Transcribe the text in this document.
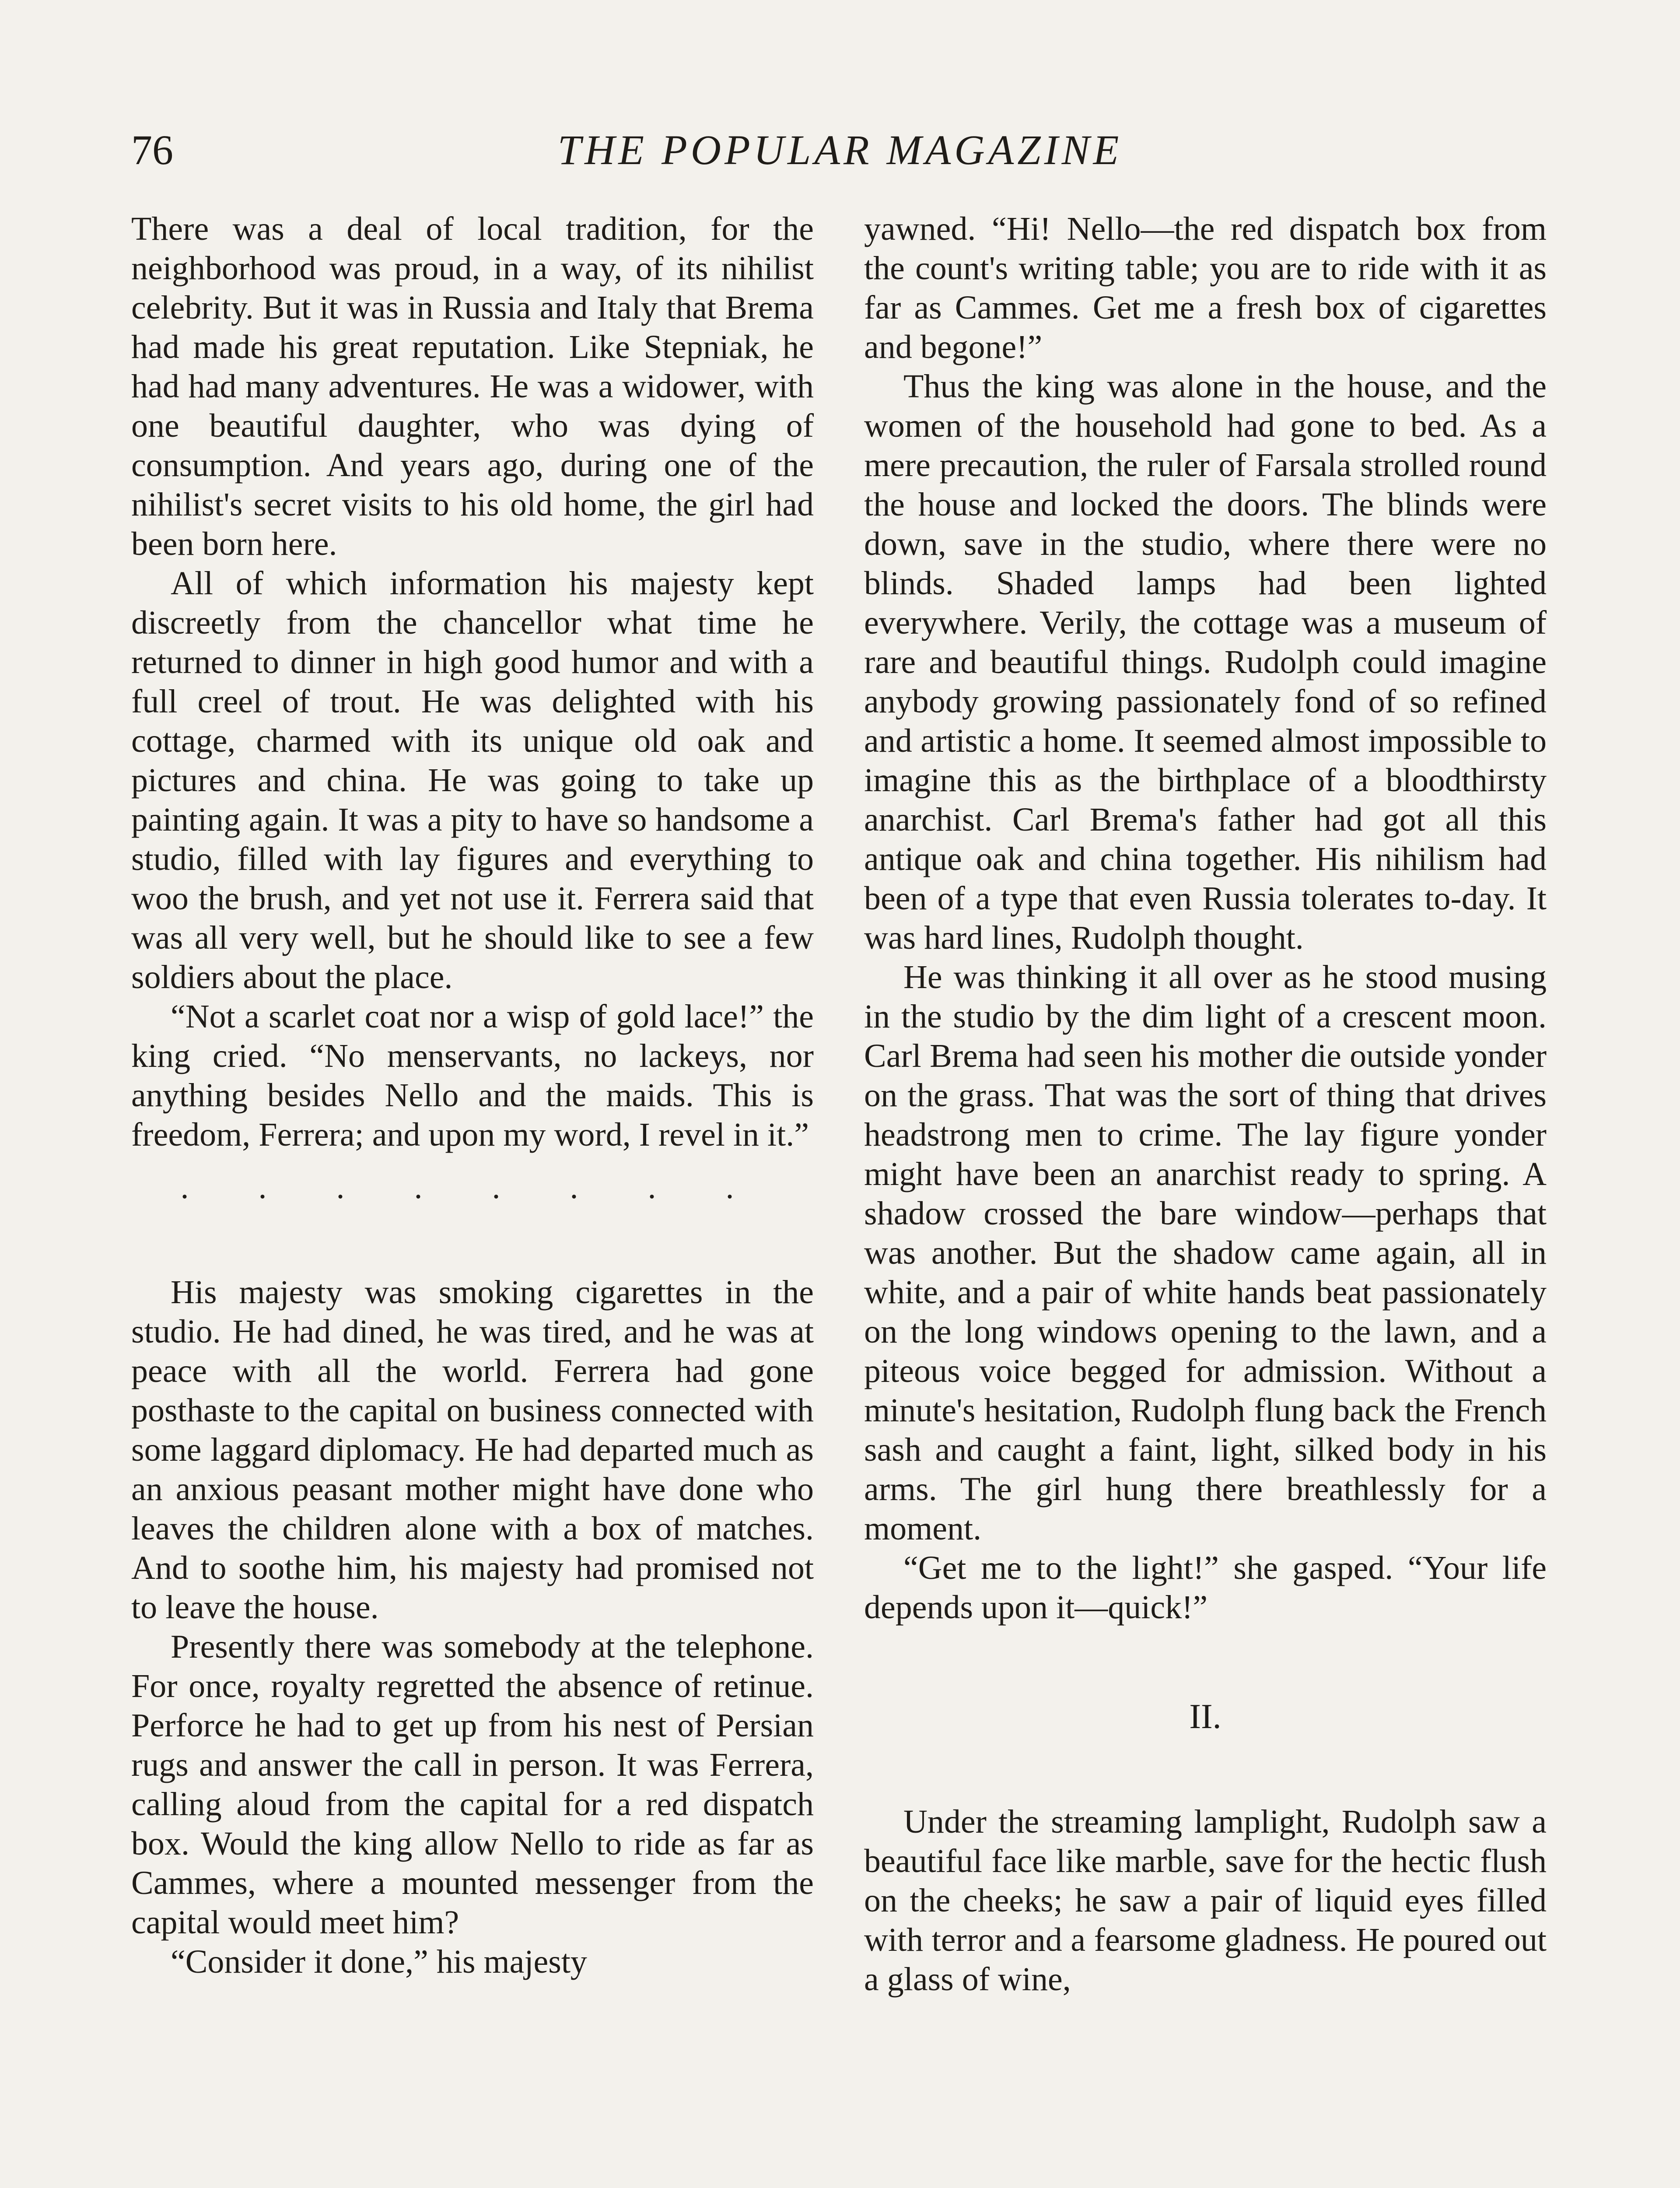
76	THE POPULAR MAGAZINE

There was a deal of local tradition, for the neighborhood was proud, in a way, of its nihilist celebrity. But it was in Russia and Italy that Brema had made his great reputation. Like Stepniak, he had had many adventures. He was a widower, with one beautiful daughter, who was dying of consumption. And years ago, during one of the nihilist's secret visits to his old home, the girl had been born here.

All of which information his majesty kept discreetly from the chancellor what time he returned to dinner in high good humor and with a full creel of trout. He was delighted with his cottage, charmed with its unique old oak and pictures and china. He was going to take up painting again. It was a pity to have so handsome a studio, filled with lay figures and everything to woo the brush, and yet not use it. Ferrera said that was all very well, but he should like to see a few soldiers about the place.

“Not a scarlet coat nor a wisp of gold lace!” the king cried. “No menservants, no lackeys, nor anything besides Nello and the maids. This is freedom, Ferrera; and upon my word, I revel in it.”

. . . . . . . .

His majesty was smoking cigarettes in the studio. He had dined, he was tired, and he was at peace with all the world. Ferrera had gone posthaste to the capital on business connected with some laggard diplomacy. He had departed much as an anxious peasant mother might have done who leaves the children alone with a box of matches. And to soothe him, his majesty had promised not to leave the house.

Presently there was somebody at the telephone. For once, royalty regretted the absence of retinue. Perforce he had to get up from his nest of Persian rugs and answer the call in person. It was Ferrera, calling aloud from the capital for a red dispatch box. Would the king allow Nello to ride as far as Cammes, where a mounted messenger from the capital would meet him?

“Consider it done,” his majesty

yawned. “Hi! Nello—the red dispatch box from the count's writing table; you are to ride with it as far as Cammes. Get me a fresh box of cigarettes and begone!”

Thus the king was alone in the house, and the women of the household had gone to bed. As a mere precaution, the ruler of Farsala strolled round the house and locked the doors. The blinds were down, save in the studio, where there were no blinds. Shaded lamps had been lighted everywhere. Verily, the cottage was a museum of rare and beautiful things. Rudolph could imagine anybody growing passionately fond of so refined and artistic a home. It seemed almost impossible to imagine this as the birthplace of a bloodthirsty anarchist. Carl Brema's father had got all this antique oak and china together. His nihilism had been of a type that even Russia tolerates to-day. It was hard lines, Rudolph thought.

He was thinking it all over as he stood musing in the studio by the dim light of a crescent moon. Carl Brema had seen his mother die outside yonder on the grass. That was the sort of thing that drives headstrong men to crime. The lay figure yonder might have been an anarchist ready to spring. A shadow crossed the bare window—perhaps that was another. But the shadow came again, all in white, and a pair of white hands beat passionately on the long windows opening to the lawn, and a piteous voice begged for admission. Without a minute's hesitation, Rudolph flung back the French sash and caught a faint, light, silked body in his arms. The girl hung there breathlessly for a moment.

“Get me to the light!” she gasped. “Your life depends upon it—quick!”

II.

Under the streaming lamplight, Rudolph saw a beautiful face like marble, save for the hectic flush on the cheeks; he saw a pair of liquid eyes filled with terror and a fearsome gladness. He poured out a glass of wine,
